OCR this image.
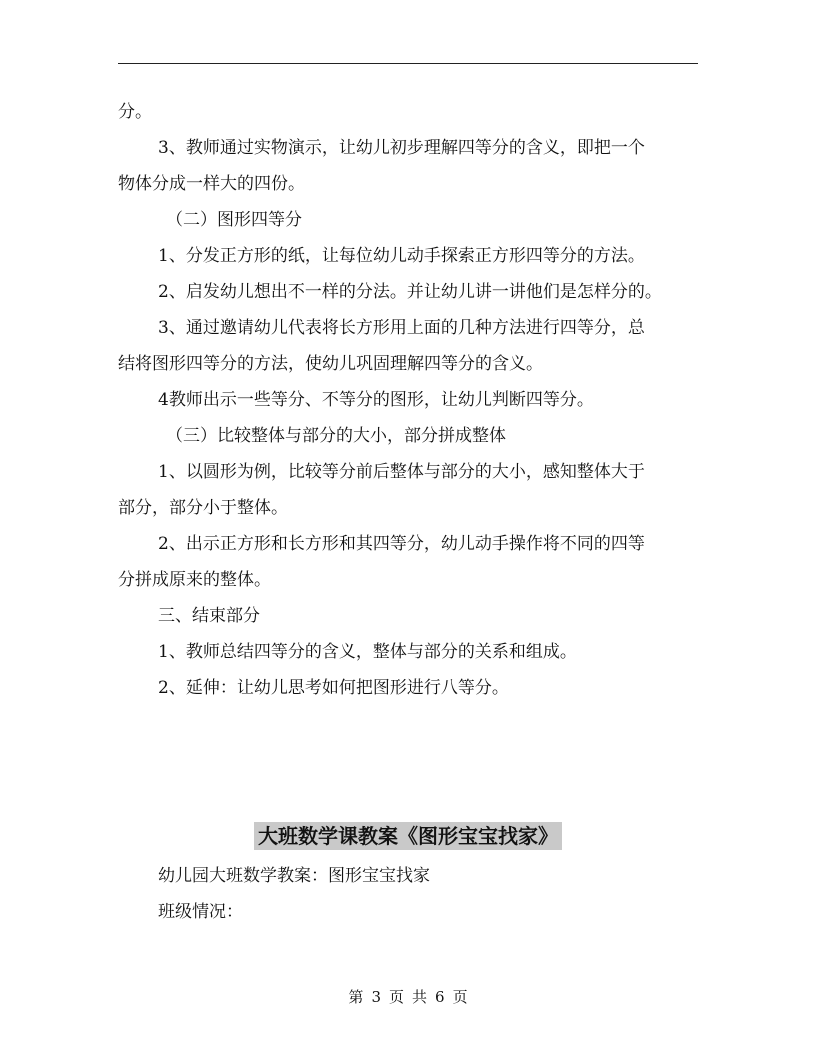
分。
3、教师通过实物演示，让幼儿初步理解四等分的含义，即把一个
物体分成一样大的四份。
（二）图形四等分
1、分发正方形的纸，让每位幼儿动手探索正方形四等分的方法。
2、启发幼儿想出不一样的分法。并让幼儿讲一讲他们是怎样分的。
3、通过邀请幼儿代表将长方形用上面的几种方法进行四等分，总
结将图形四等分的方法，使幼儿巩固理解四等分的含义。
4教师出示一些等分、不等分的图形，让幼儿判断四等分。
（三）比较整体与部分的大小，部分拼成整体
1、以圆形为例，比较等分前后整体与部分的大小，感知整体大于
部分，部分小于整体。
2、出示正方形和长方形和其四等分，幼儿动手操作将不同的四等
分拼成原来的整体。
三、结束部分
1、教师总结四等分的含义，整体与部分的关系和组成。
2、延伸：让幼儿思考如何把图形进行八等分。
大班数学课教案《图形宝宝找家》
幼儿园大班数学教案：图形宝宝找家
班级情况：
第 3 页 共 6 页
